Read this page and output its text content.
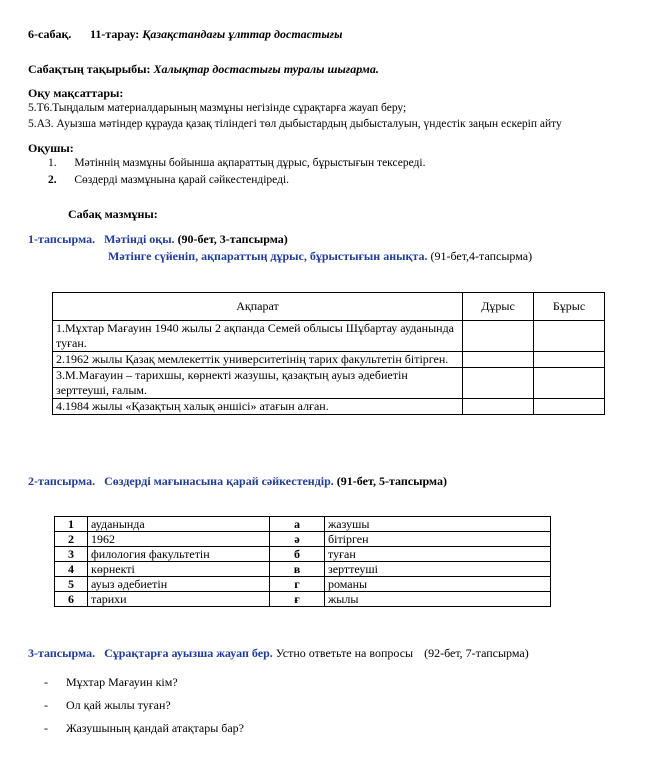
6-сабақ. 11-тарау: Қазақстандағы ұлттар достастығы
Сабақтың тақырыбы: Халықтар достастығы туралы шығарма.
Оқу мақсаттары:
5.Т6.Тыңдалым материалдарының мазмұны негізінде сұрақтарға жауап беру;
5.А3. Ауызша мәтіндер құрауда қазақ тіліндегі төл дыбыстардың дыбысталуын, үндестік заңын ескеріп айту
Оқушы:
1. Мәтіннің мазмұны бойынша ақпараттың дұрыс, бұрыстығын тексереді.
2. Сөздерді мазмұнына қарай сәйкестендіреді.
Сабақ мазмұны:
1-тапсырма. Мәтінді оқы. (90-бет, 3-тапсырма)
Мәтінге сүйеніп, ақпараттың дұрыс, бұрыстығын анықта. (91-бет,4-тапсырма)
Ақпарат	Дұрыс	Бұрыс
1.Мұхтар Мағауин 1940 жылы 2 ақпанда Семей облысы Шұбартау ауданында туған.		
2.1962 жылы Қазақ мемлекеттік университетінің тарих факультетін бітірген.		
3.М.Мағауин – тарихшы, көрнекті жазушы, қазақтың ауыз әдебиетін зерттеуші, ғалым.		
4.1984 жылы «Қазақтың халық әншісі» атағын алған.		
2-тапсырма. Сөздерді мағынасына қарай сәйкестендір. (91-бет, 5-тапсырма)
1	ауданында	а	жазушы
2	1962	ә	бітірген
3	филология факультетін	б	туған
4	көрнекті	в	зерттеуші
5	ауыз әдебиетін	г	романы
6	тарихи	ғ	жылы
3-тапсырма. Сұрақтарға ауызша жауап бер. Устно ответьте на вопросы (92-бет, 7-тапсырма)
- Мұхтар Мағауин кім?
- Ол қай жылы туған?
- Жазушының қандай атақтары бар?
